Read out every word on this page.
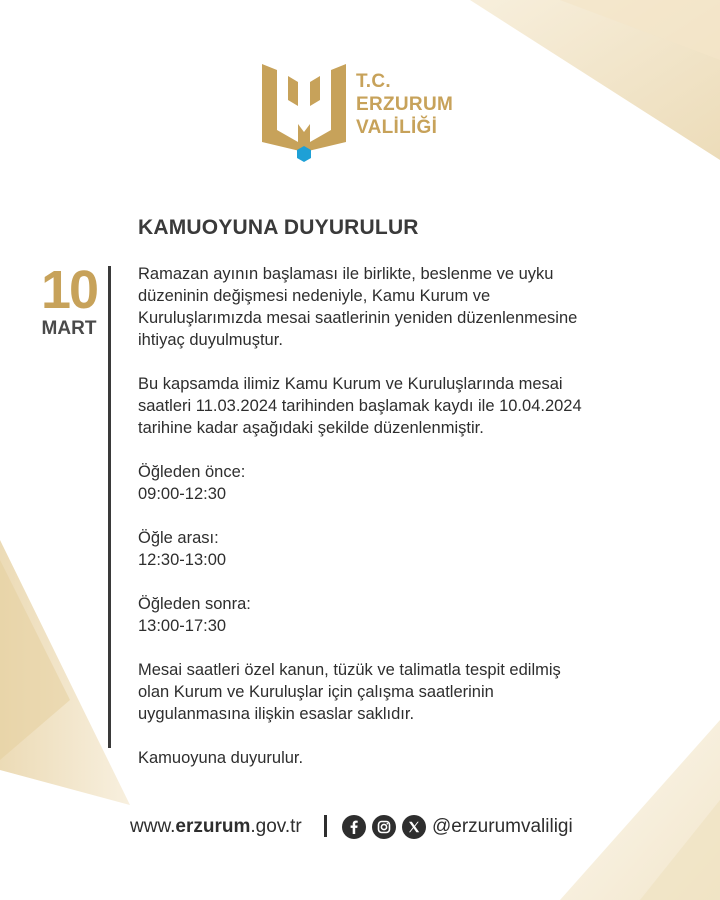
T.C.
ERZURUM
VALİLİĞİ
KAMUOYUNA DUYURULUR
10
MART

Ramazan ayının başlaması ile birlikte, beslenme ve uyku
düzeninin değişmesi nedeniyle, Kamu Kurum ve
Kuruluşlarımızda mesai saatlerinin yeniden düzenlenmesine
ihtiyaç duyulmuştur.

Bu kapsamda ilimiz Kamu Kurum ve Kuruluşlarında mesai
saatleri 11.03.2024 tarihinden başlamak kaydı ile 10.04.2024
tarihine kadar aşağıdaki şekilde düzenlenmiştir.

Öğleden önce:
09:00-12:30

Öğle arası:
12:30-13:00

Öğleden sonra:
13:00-17:30

Mesai saatleri özel kanun, tüzük ve talimatla tespit edilmiş
olan Kurum ve Kuruluşlar için çalışma saatlerinin
uygulanmasına ilişkin esaslar saklıdır.

Kamuoyuna duyurulur.

www.erzurum.gov.tr	@erzurumvaliligi
